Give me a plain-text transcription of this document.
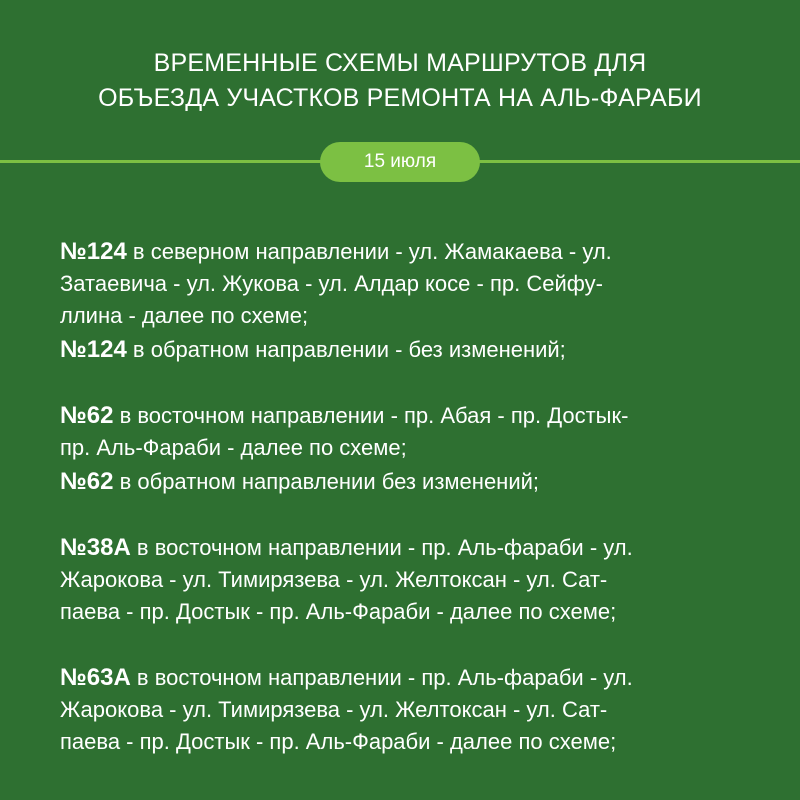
ВРЕМЕННЫЕ СХЕМЫ МАРШРУТОВ ДЛЯ
ОБЪЕЗДА УЧАСТКОВ РЕМОНТА НА АЛЬ-ФАРАБИ
15 июля
№124 в северном направлении - ул. Жамакаева - ул.
Затаевича - ул. Жукова - ул. Алдар косе - пр. Сейфу-
ллина - далее по схеме;
№124 в обратном направлении - без изменений;
№62 в восточном направлении - пр. Абая - пр. Достык-
пр. Аль-Фараби - далее по схеме;
№62 в обратном направлении без изменений;
№38А в восточном направлении - пр. Аль-фараби - ул.
Жарокова - ул. Тимирязева - ул. Желтоксан - ул. Сат-
паева - пр. Достык - пр. Аль-Фараби - далее по схеме;
№63А в восточном направлении - пр. Аль-фараби - ул.
Жарокова - ул. Тимирязева - ул. Желтоксан - ул. Сат-
паева - пр. Достык - пр. Аль-Фараби - далее по схеме;
